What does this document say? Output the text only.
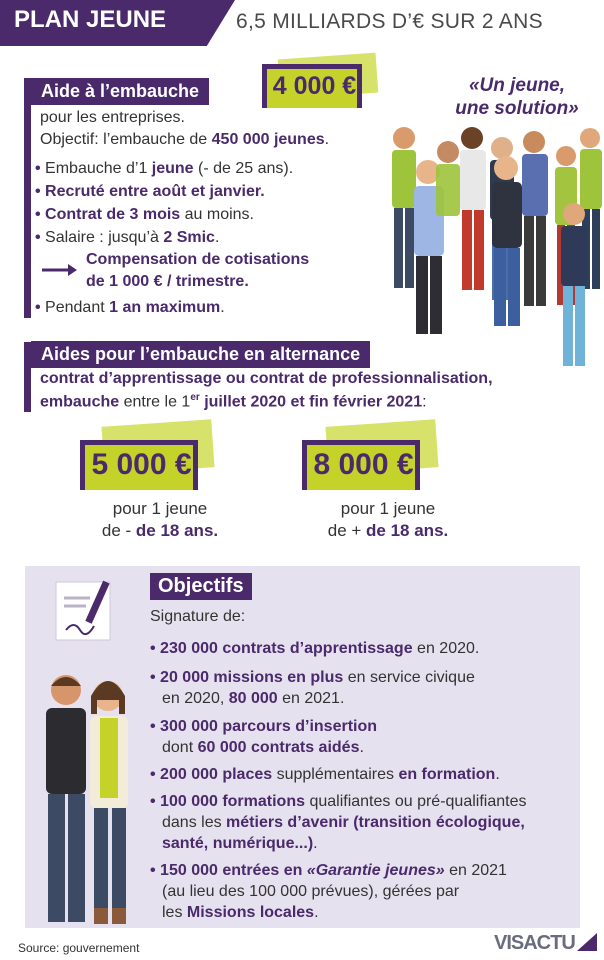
PLAN JEUNE	6,5 MILLIARDS D’€ SUR 2 ANS
Aide à l’embauche	4 000 €
pour les entreprises.
Objectif: l’embauche de 450 000 jeunes.
• Embauche d’1 jeune (- de 25 ans).
• Recruté entre août et janvier.
• Contrat de 3 mois au moins.
• Salaire : jusqu’à 2 Smic.
Compensation de cotisations
de 1 000 € / trimestre.
• Pendant 1 an maximum.
«Un jeune,
une solution»
Aides pour l’embauche en alternance
contrat d’apprentissage ou contrat de professionnalisation,
embauche entre le 1er juillet 2020 et fin février 2021:
5 000 €
pour 1 jeune
de - de 18 ans.
8 000 €
pour 1 jeune
de + de 18 ans.
Objectifs
Signature de:
• 230 000 contrats d’apprentissage en 2020.
• 20 000 missions en plus en service civique
en 2020, 80 000 en 2021.
• 300 000 parcours d’insertion
dont 60 000 contrats aidés.
• 200 000 places supplémentaires en formation.
• 100 000 formations qualifiantes ou pré-qualifiantes
dans les métiers d’avenir (transition écologique,
santé, numérique...).
• 150 000 entrées en «Garantie jeunes» en 2021
(au lieu des 100 000 prévues), gérées par
les Missions locales.
Source: gouvernement	VISACTU
